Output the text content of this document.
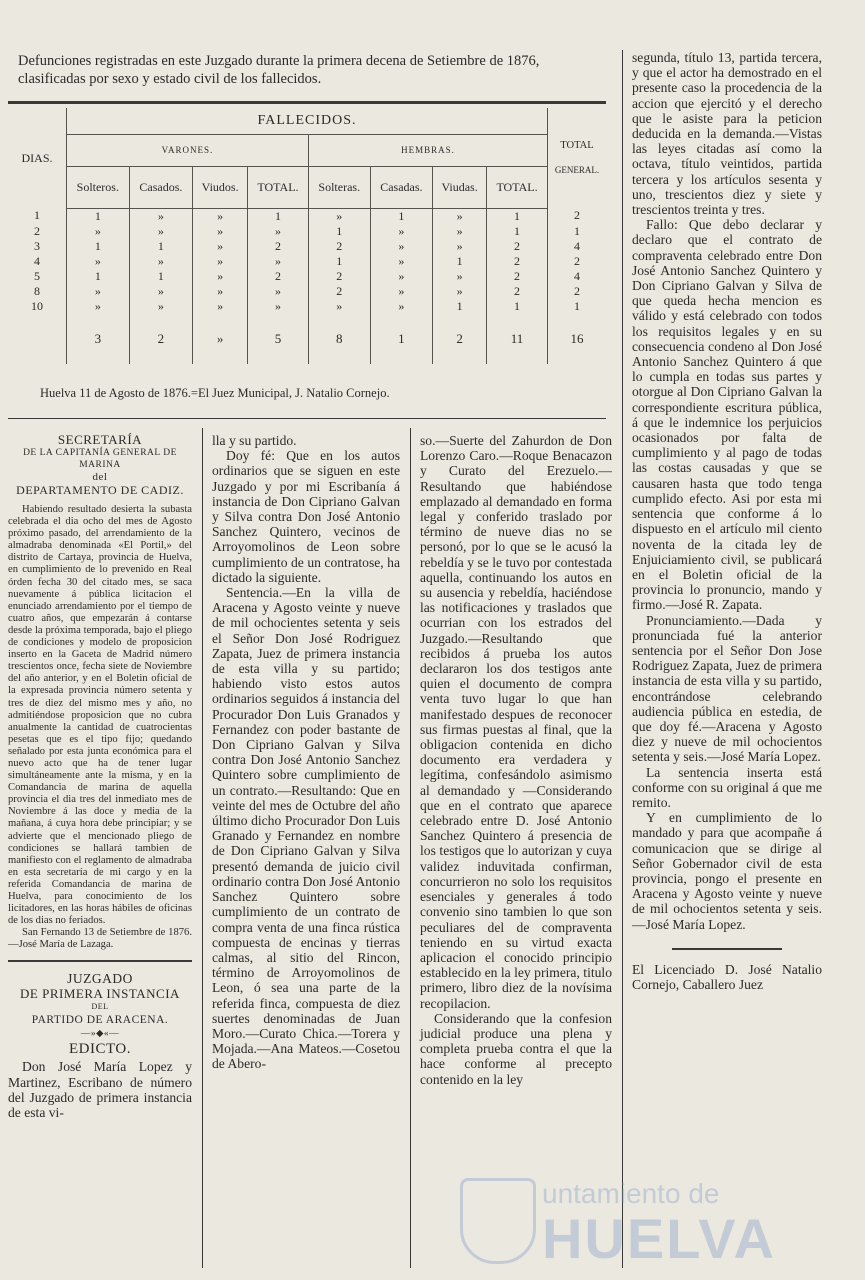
Defunciones registradas en este Juzgado durante la primera decena de Setiembre de 1876,
clasificadas por sexo y estado civil de los fallecidos.
DIAS.	FALLECIDOS.								TOTAL
GENERAL.

	VARONES.				HEMBRAS.				
	Solteros.	Casados.	Viudos.	TOTAL.	Solteras.	Casadas.	Viudas.	TOTAL.	
1	1	»	»	1	»	1	»	1	2
2	»	»	»	»	1	»	»	1	1
3	1	1	»	2	2	»	»	2	4
4	»	»	»	»	1	»	1	2	2
5	1	1	»	2	2	»	»	2	4
8	»	»	»	»	2	»	»	2	2
10	»	»	»	»	»	»	1	1	1
	3	2	»	5	8	1	2	11	16
Huelva 11 de Agosto de 1876.=El Juez Municipal, J. Natalio Cornejo.

segunda, título 13, partida tercera, y que el actor ha demostrado en el presente caso la procedencia de la accion que ejercitó y el derecho que le asiste para la peticion deducida en la demanda.—Vistas las leyes citadas así como la octava, título veintidos, partida tercera y los artículos sesenta y uno, trescientos diez y siete y trescientos treinta y tres.

Fallo: Que debo declarar y declaro que el contrato de compraventa celebrado entre Don José Antonio Sanchez Quintero y Don Cipriano Galvan y Silva de que queda hecha mencion es válido y está celebrado con todos los requisitos legales y en su consecuencia condeno al Don José Antonio Sanchez Quintero á que lo cumpla en todas sus partes y otorgue al Don Cipriano Galvan la correspondiente escritura pública, á que le indemnice los perjuicios ocasionados por falta de cumplimiento y al pago de todas las costas causadas y que se causaren hasta que todo tenga cumplido efecto. Asi por esta mi sentencia que conforme á lo dispuesto en el artículo mil ciento noventa de la citada ley de Enjuiciamiento civil, se publicará en el Boletin oficial de la provincia lo pronuncio, mando y firmo.—José R. Zapata.

Pronunciamiento.—Dada y pronunciada fué la anterior sentencia por el Señor Don Jose Rodriguez Zapata, Juez de primera instancia de esta villa y su partido, encontrándose celebrando audiencia pública en estedia, de que doy fé.—Aracena y Agosto diez y nueve de mil ochocientos setenta y seis.—José María Lopez.

La sentencia inserta está conforme con su original á que me remito.

Y en cumplimiento de lo mandado y para que acompañe á comunicacion que se dirige al Señor Gobernador civil de esta provincia, pongo el presente en Aracena y Agosto veinte y nueve de mil ochocientos setenta y seis.—José María Lopez.

El Licenciado D. José Natalio Cornejo, Caballero Juez

SECRETARÍA
DE LA CAPITANÍA GENERAL DE MARINA
del
DEPARTAMENTO DE CADIZ.

Habiendo resultado desierta la subasta celebrada el dia ocho del mes de Agosto próximo pasado, del arrendamiento de la almadraba denominada «El Portil,» del distrito de Cartaya, provincia de Huelva, en cumplimiento de lo prevenido en Real órden fecha 30 del citado mes, se saca nuevamente á pública licitacion el enunciado arrendamiento por el tiempo de cuatro años, que empezarán á contarse desde la próxima temporada, bajo el pliego de condiciones y modelo de proposicion inserto en la Gaceta de Madrid número trescientos once, fecha siete de Noviembre del año anterior, y en el Boletin oficial de la expresada provincia número setenta y tres de diez del mismo mes y año, no admitiéndose proposicion que no cubra anualmente la cantidad de cuatrocientas pesetas que es el tipo fijo; quedando señalado por esta junta económica para el nuevo acto que ha de tener lugar simultáneamente ante la misma, y en la Comandancia de marina de aquella provincia el dia tres del inmediato mes de Noviembre á las doce y media de la mañana, á cuya hora debe principiar; y se advierte que el mencionado pliego de condiciones se hallará tambien de manifiesto con el reglamento de almadraba en esta secretaría de mi cargo y en la referida Comandancia de marina de Huelva, para conocimiento de los licitadores, en las horas hábiles de oficinas de los dias no feriados.

San Fernando 13 de Setiembre de 1876.—José María de Lazaga.

JUZGADO
DE PRIMERA INSTANCIA
DEL
PARTIDO DE ARACENA.
—»◆«—
EDICTO.

Don José María Lopez y Martinez, Escribano de número del Juzgado de primera instancia de esta vi-

lla y su partido.

Doy fé: Que en los autos ordinarios que se siguen en este Juzgado y por mi Escribanía á instancia de Don Cipriano Galvan y Silva contra Don José Antonio Sanchez Quintero, vecinos de Arroyomolinos de Leon sobre cumplimiento de un contratose, ha dictado la siguiente.

Sentencia.—En la villa de Aracena y Agosto veinte y nueve de mil ochocientes setenta y seis el Señor Don José Rodriguez Zapata, Juez de primera instancia de esta villa y su partido; habiendo visto estos autos ordinarios seguidos á instancia del Procurador Don Luis Granados y Fernandez con poder bastante de Don Cipriano Galvan y Silva contra Don José Antonio Sanchez Quintero sobre cumplimiento de un contrato.—Resultando: Que en veinte del mes de Octubre del año último dicho Procurador Don Luis Granado y Fernandez en nombre de Don Cipriano Galvan y Silva presentó demanda de juicio civil ordinario contra Don José Antonio Sanchez Quintero sobre cumplimiento de un contrato de compra venta de una finca rústica compuesta de encinas y tierras calmas, al sitio del Rincon, término de Arroyomolinos de Leon, ó sea una parte de la referida finca, compuesta de diez suertes denominadas de Juan Moro.—Curato Chica.—Torera y Mojada.—Ana Mateos.—Cosetou de Abero-

so.—Suerte del Zahurdon de Don Lorenzo Caro.—Roque Benacazon y Curato del Erezuelo.—Resultando que habiéndose emplazado al demandado en forma legal y conferido traslado por término de nueve dias no se personó, por lo que se le acusó la rebeldía y se le tuvo por contestada aquella, continuando los autos en su ausencia y rebeldía, haciéndose las notificaciones y traslados que ocurrian con los estrados del Juzgado.—Resultando que recibidos á prueba los autos declararon los dos testigos ante quien el documento de compra venta tuvo lugar lo que han manifestado despues de reconocer sus firmas puestas al final, que la obligacion contenida en dicho documento era verdadera y legítima, confesándolo asimismo al demandado y —Considerando que en el contrato que aparece celebrado entre D. José Antonio Sanchez Quintero á presencia de los testigos que lo autorizan y cuya validez induvitada confirman, concurrieron no solo los requisitos esenciales y generales á todo convenio sino tambien lo que son peculiares del de compraventa teniendo en su virtud exacta aplicacion el conocido principio establecido en la ley primera, titulo primero, libro diez de la novísima recopilacion.

Considerando que la confesion judicial produce una plena y completa prueba contra el que la hace conforme al precepto contenido en la ley

untamiento de
HUELVA
